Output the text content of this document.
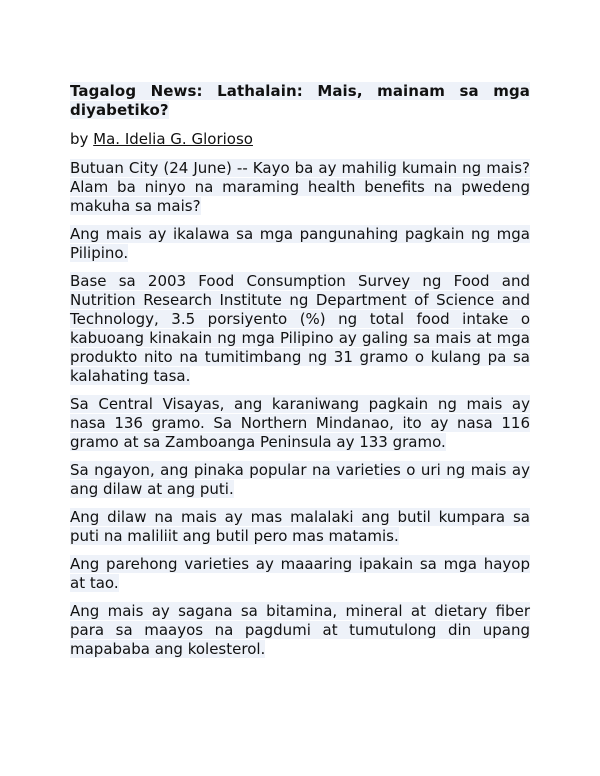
Tagalog News: Lathalain: Mais, mainam sa mga diyabetiko?

by Ma. Idelia G. Glorioso

Butuan City (24 June) -- Kayo ba ay mahilig kumain ng mais? Alam ba ninyo na maraming health benefits na pwedeng makuha sa mais?

Ang mais ay ikalawa sa mga pangunahing pagkain ng mga Pilipino.

Base sa 2003 Food Consumption Survey ng Food and Nutrition Research Institute ng Department of Science and Technology, 3.5 porsiyento (%) ng total food intake o kabuoang kinakain ng mga Pilipino ay galing sa mais at mga produkto nito na tumitimbang ng 31 gramo o kulang pa sa kalahating tasa.

Sa Central Visayas, ang karaniwang pagkain ng mais ay nasa 136 gramo. Sa Northern Mindanao, ito ay nasa 116 gramo at sa Zamboanga Peninsula ay 133 gramo.

Sa ngayon, ang pinaka popular na varieties o uri ng mais ay ang dilaw at ang puti.

Ang dilaw na mais ay mas malalaki ang butil kumpara sa puti na maliliit ang butil pero mas matamis.

Ang parehong varieties ay maaaring ipakain sa mga hayop at tao.

Ang mais ay sagana sa bitamina, mineral at dietary fiber para sa maayos na pagdumi at tumutulong din upang mapababa ang kolesterol.
